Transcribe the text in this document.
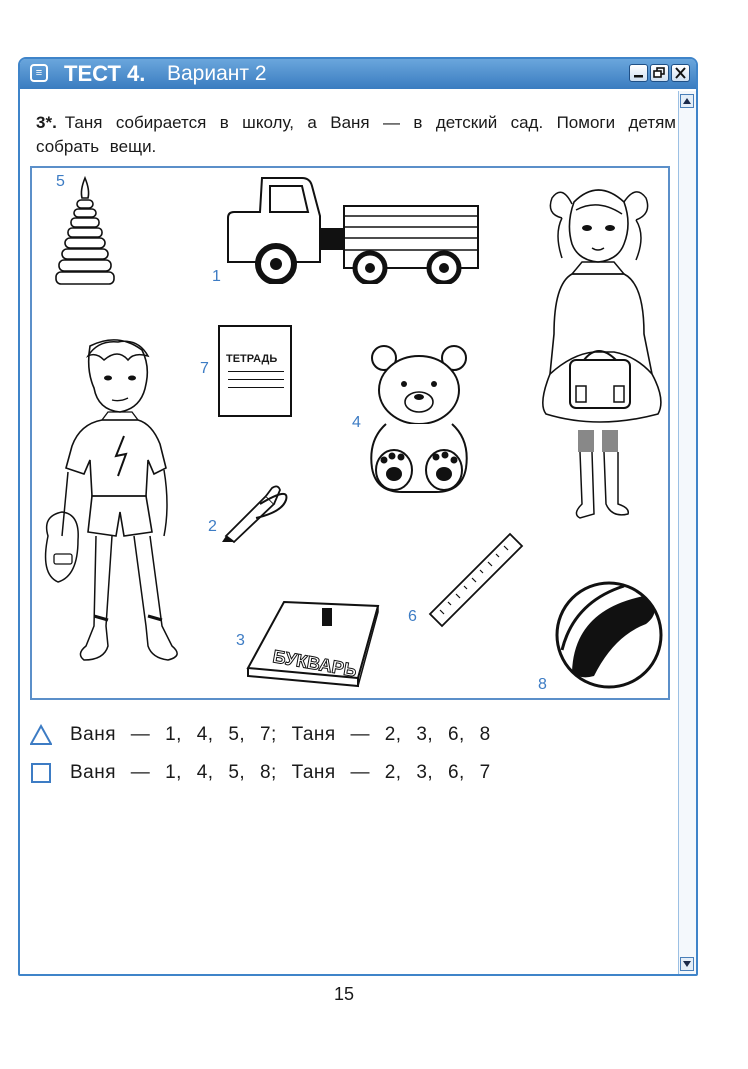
≡ ТЕСТ 4. Вариант 2
3*. Таня собирается в школу, а Ваня — в детский сад. Помоги детям собрать вещи.
5
1
7
ТЕТРАДЬ
4
2
6
3
БУКВАРЬ
8
Ваня — 1, 4, 5, 7; Таня — 2, 3, 6, 8
Ваня — 1, 4, 5, 8; Таня — 2, 3, 6, 7
15
